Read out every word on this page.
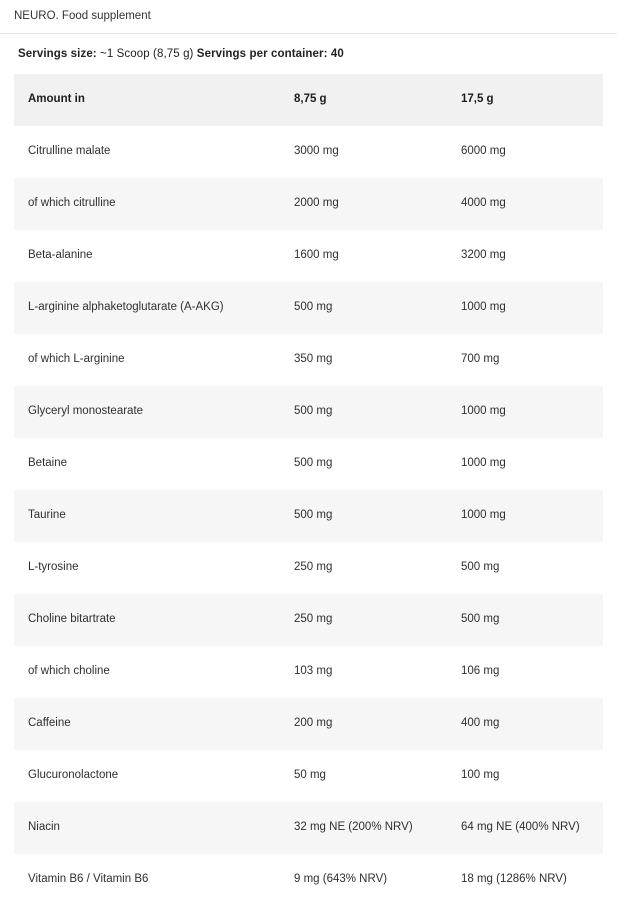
NEURO. Food supplement
Servings size: ~1 Scoop (8,75 g) Servings per container: 40
Amount in	8,75 g	17,5 g
Citrulline malate	3000 mg	6000 mg
of which citrulline	2000 mg	4000 mg
Beta-alanine	1600 mg	3200 mg
L-arginine alphaketoglutarate (A-AKG)	500 mg	1000 mg
of which L-arginine	350 mg	700 mg
Glyceryl monostearate	500 mg	1000 mg
Betaine	500 mg	1000 mg
Taurine	500 mg	1000 mg
L-tyrosine	250 mg	500 mg
Choline bitartrate	250 mg	500 mg
of which choline	103 mg	106 mg
Caffeine	200 mg	400 mg
Glucuronolactone	50 mg	100 mg
Niacin	32 mg NE (200% NRV)	64 mg NE (400% NRV)
Vitamin B6 / Vitamin B6	9 mg (643% NRV)	18 mg (1286% NRV)
